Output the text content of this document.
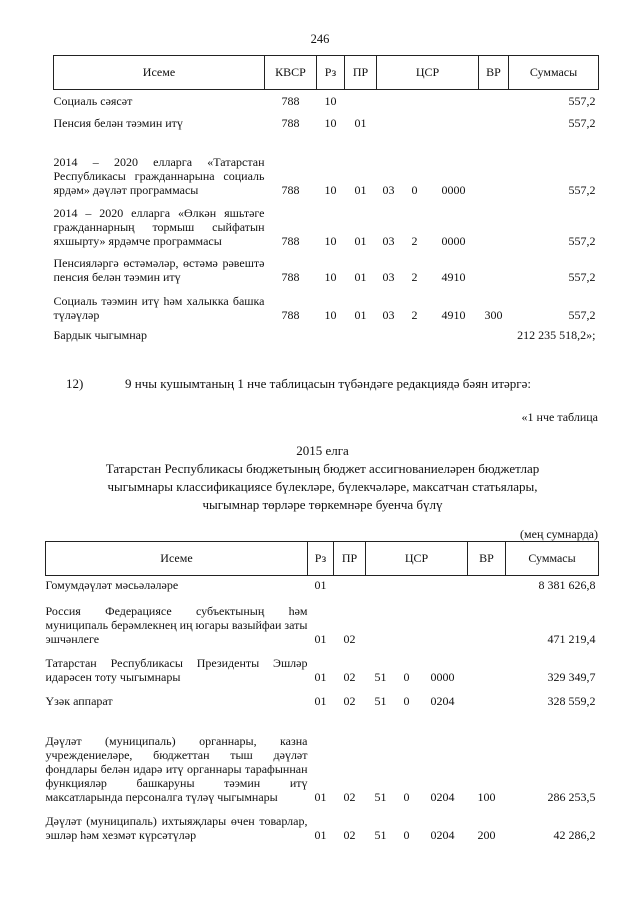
246
Исеме	КВСР	Рз	ПР	ЦСР			ВР	Суммасы
Социаль сәясәт	788	10						557,2
Пенсия белән тәэмин итү	788	10	01					557,2
2014 – 2020 елларга «Татарстан Республикасы гражданнарына социаль ярдәм» дәүләт программасы	788	10	01	03	0	0000		557,2
2014 – 2020 елларга «Өлкән яшьтәге гражданнарның тормыш сыйфатын яхшырту» ярдәмче программасы	788	10	01	03	2	0000		557,2
Пенсияләргә өстәмәләр, өстәмә рәвештә пенсия белән тәэмин итү	788	10	01	03	2	4910		557,2
Социаль тәэмин итү һәм халыкка башка түләүләр	788	10	01	03	2	4910	300	557,2
Бардык чыгымнар						212 235 518,2»;		
12)	9 нчы кушымтаның 1 нче таблицасын түбәндәге редакциядә бәян итәргә:
«1 нче таблица
2015 елга
Татарстан Республикасы бюджетының бюджет ассигнованиеләрен бюджетлар
чыгымнары классификациясе бүлекләре, бүлекчәләре, максатчан статьялары,
чыгымнар төрләре төркемнәре буенча бүлү
(мең сумнарда)
Исеме	Рз	ПР	ЦСР			ВР	Суммасы
Гомумдәүләт мәсьәләләре	01						8 381 626,8
Россия Федерациясе субъектының һәм муниципаль берәмлекнең иң югары вазыйфаи заты эшчәнлеге	01	02					471 219,4
Татарстан Республикасы Президенты Эшләр идарәсен тоту чыгымнары	01	02	51	0	0000		329 349,7
Үзәк аппарат	01	02	51	0	0204		328 559,2
Дәүләт (муниципаль) органнары, казна учреждениеләре, бюджеттан тыш дәүләт фондлары белән идарә итү органнары тарафыннан функцияләр башкаруны тәэмин итү максатларында персоналга түләү чыгымнары	01	02	51	0	0204	100	286 253,5
Дәүләт (муниципаль) ихтыяҗлары өчен товарлар, эшләр һәм хезмәт күрсәтүләр	01	02	51	0	0204	200	42 286,2
